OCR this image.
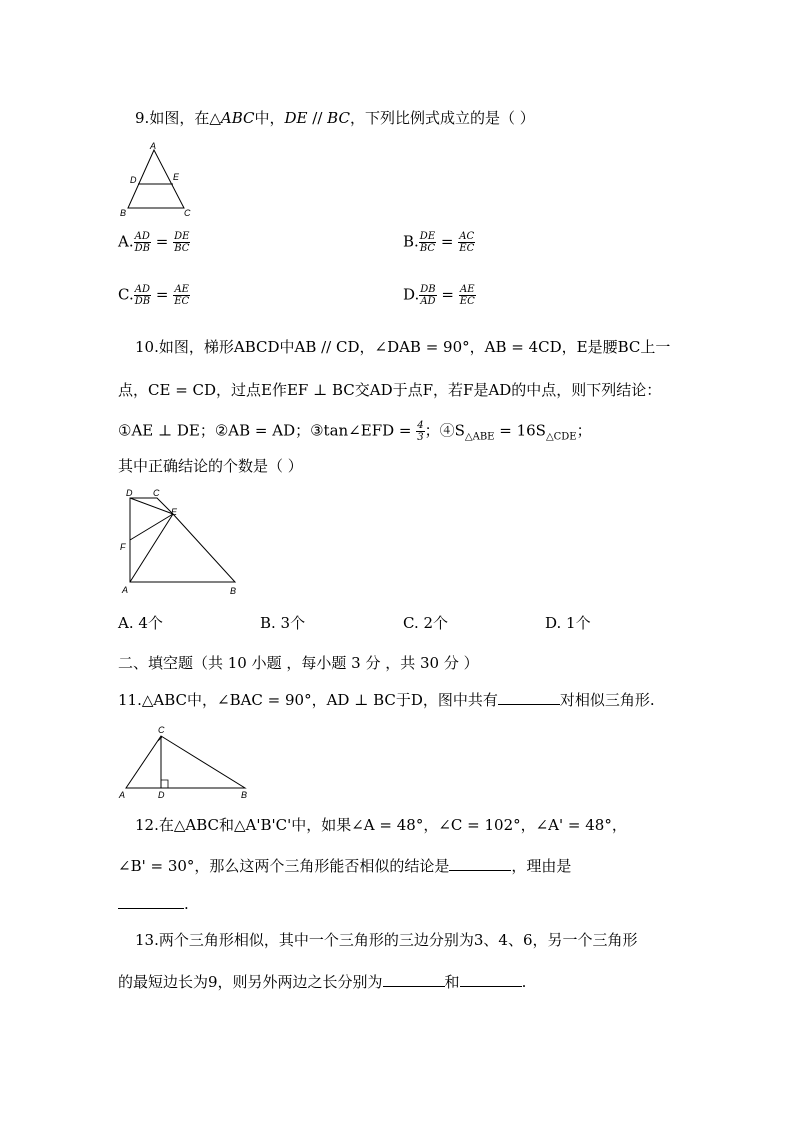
9.如图，在△ABC中，DE // BC，下列比例式成立的是（ ）
A
D	E
B	C
A. $\frac{AD}{DB} = \frac{DE}{BC}$	B. $\frac{DE}{BC} = \frac{AC}{EC}$
C. $\frac{AD}{DB} = \frac{AE}{EC}$	D. $\frac{DB}{AD} = \frac{AE}{EC}$
10.如图，梯形ABCD中AB // CD，∠DAB = 90°，AB = 4CD，E是腰BC上一
点，CE = CD，过点E作EF ⊥ BC交AD于点F，若F是AD的中点，则下列结论：
①AE ⊥ DE；②AB = AD；③tan∠EFD = $\frac{4}{3}$ ；$④S_{\triangle ABE} = 16S_{\triangle CDE}$；
其中正确结论的个数是（ ）
D C
E
F
A	B
A. 4个	B. 3个	C. 2个	D. 1个
二、填空题（共 10 小题 ，每小题 3 分 ，共 30 分 ）
11.△ABC中，∠BAC = 90°，AD ⊥ BC于D，图中共有	对相似三角形.
C
A	D	B
12.在△ABC和△A'B'C'中，如果∠A = 48°，∠C = 102°，∠A' = 48°，
∠B' = 30°，那么这两个三角形能否相似的结论是	，理由是
.
13.两个三角形相似，其中一个三角形的三边分别为3、4、6，另一个三角形
的最短边长为9，则另外两边之长分别为	和	.
